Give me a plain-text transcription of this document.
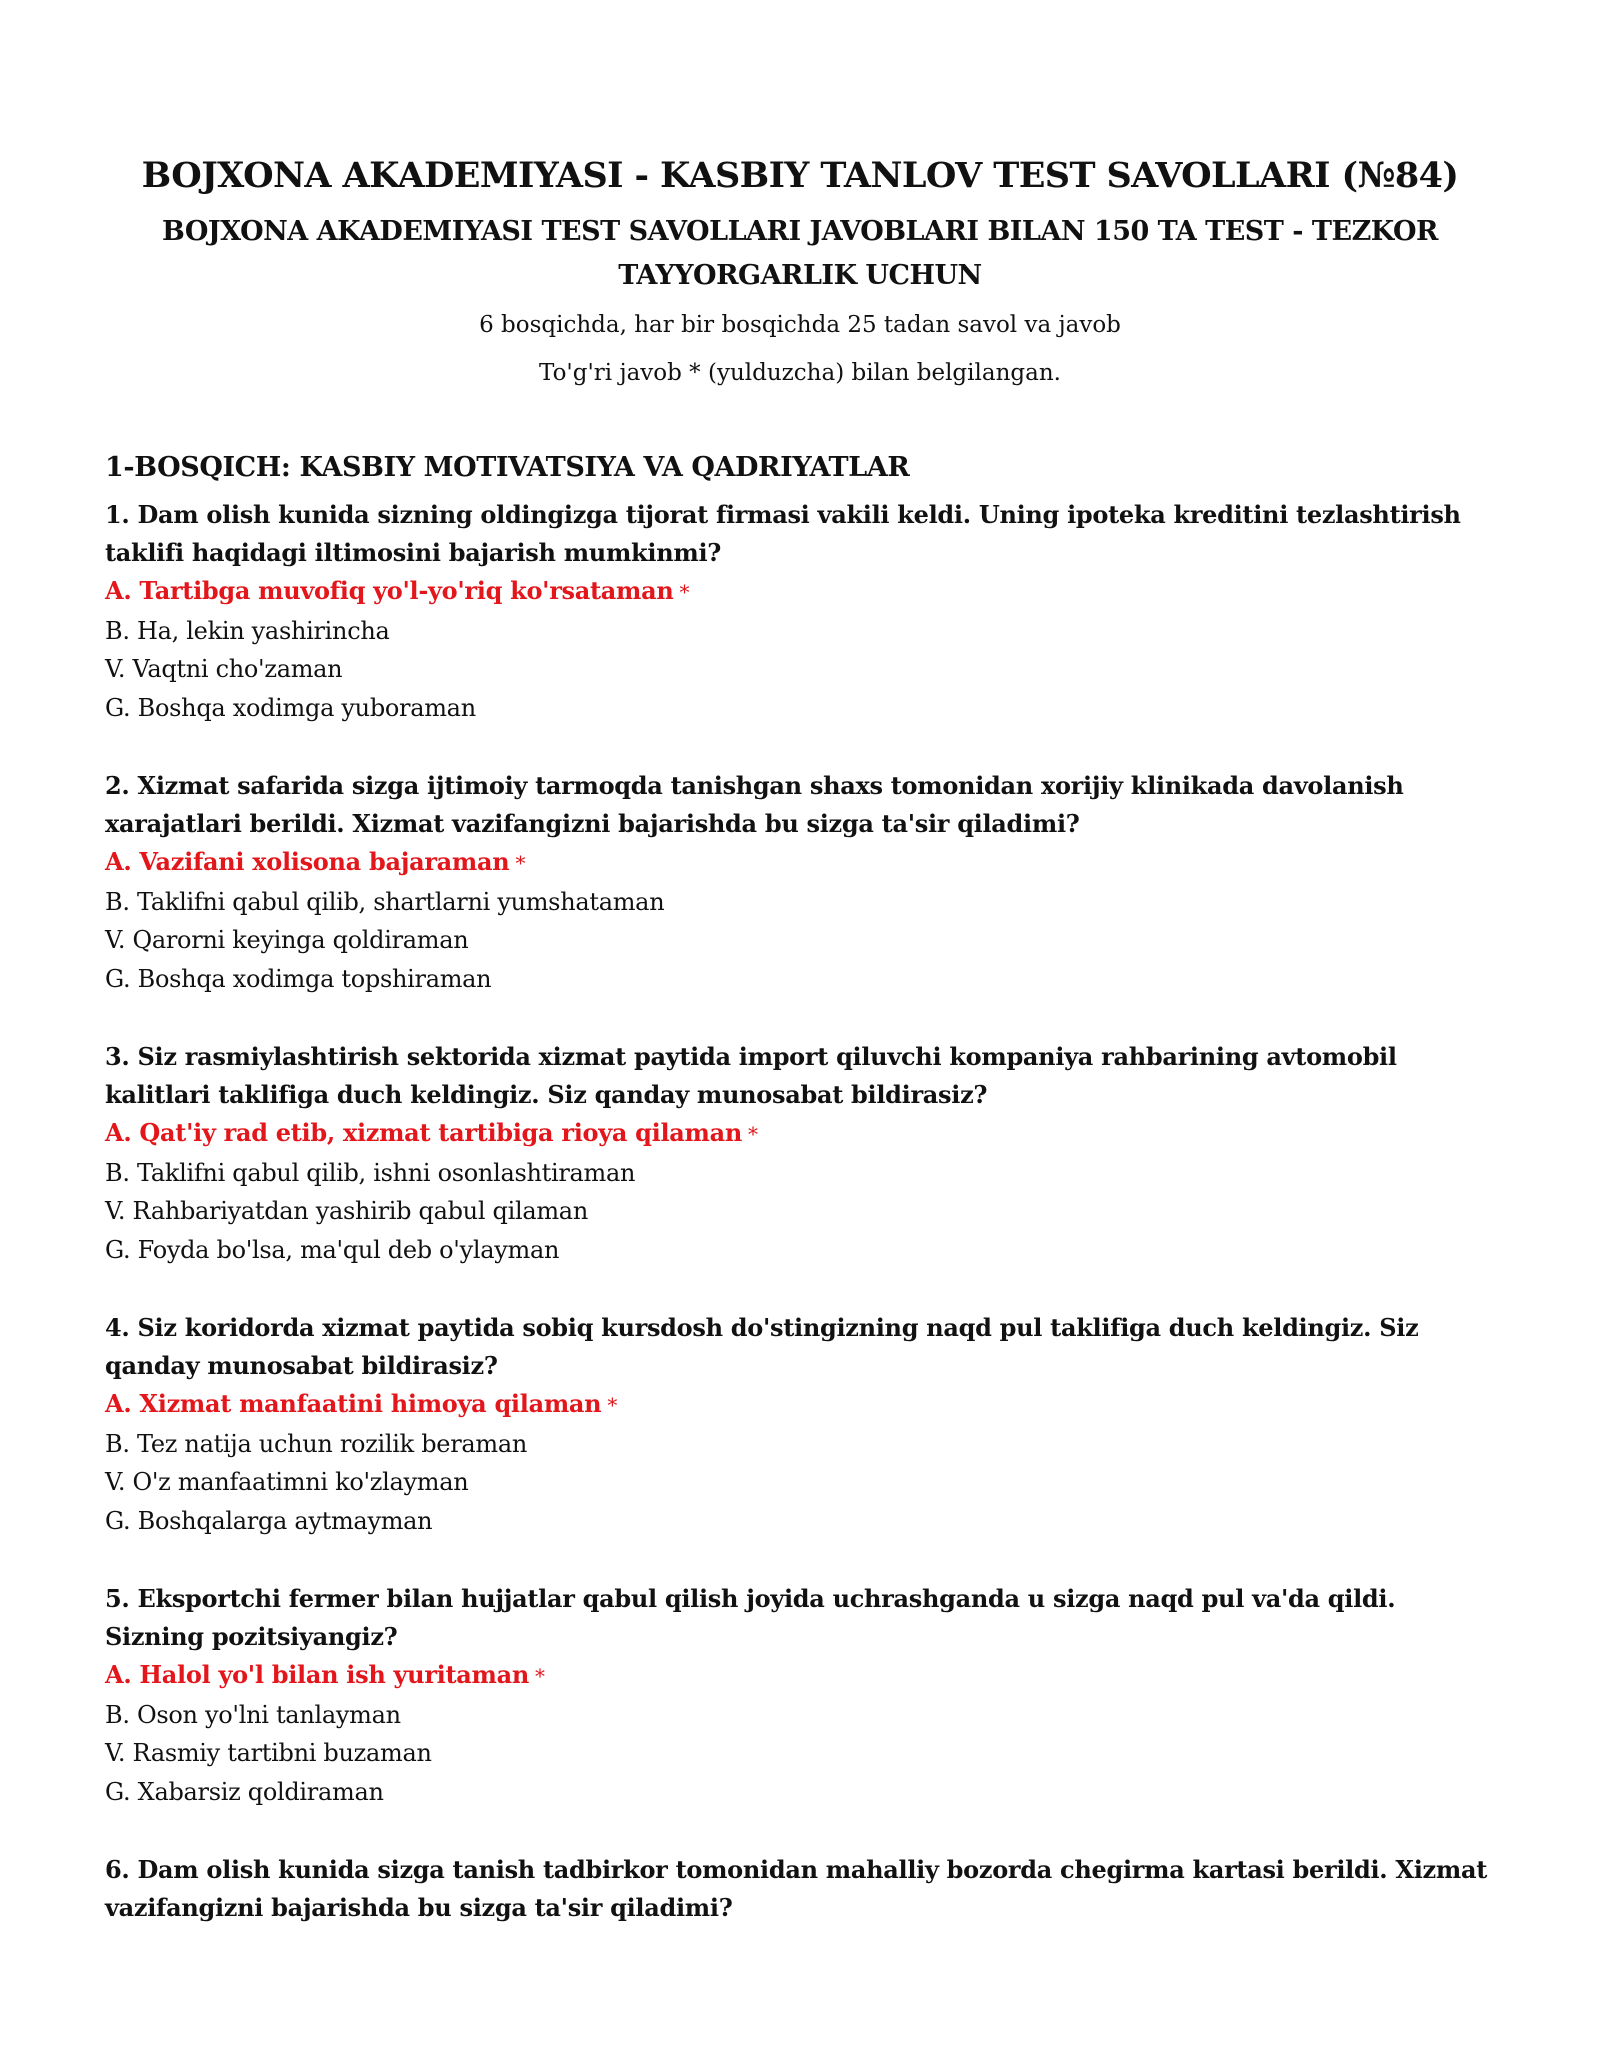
BOJXONA AKADEMIYASI - KASBIY TANLOV TEST SAVOLLARI (№84)
BOJXONA AKADEMIYASI TEST SAVOLLARI JAVOBLARI BILAN 150 TA TEST - TEZKOR TAYYORGARLIK UCHUN

6 bosqichda, har bir bosqichda 25 tadan savol va javob

To'g'ri javob * (yulduzcha) bilan belgilangan.

1-BOSQICH: KASBIY MOTIVATSIYA VA QADRIYATLAR

1. Dam olish kunida sizning oldingizga tijorat firmasi vakili keldi. Uning ipoteka kreditini tezlashtirish taklifi haqidagi iltimosini bajarish mumkinmi?

A. Tartibga muvofiq yo'l-yo'riq ko'rsataman *

B. Ha, lekin yashirincha

V. Vaqtni cho'zaman

G. Boshqa xodimga yuboraman

2. Xizmat safarida sizga ijtimoiy tarmoqda tanishgan shaxs tomonidan xorijiy klinikada davolanish xarajatlari berildi. Xizmat vazifangizni bajarishda bu sizga ta'sir qiladimi?

A. Vazifani xolisona bajaraman *

B. Taklifni qabul qilib, shartlarni yumshataman

V. Qarorni keyinga qoldiraman

G. Boshqa xodimga topshiraman

3. Siz rasmiylashtirish sektorida xizmat paytida import qiluvchi kompaniya rahbarining avtomobil kalitlari taklifiga duch keldingiz. Siz qanday munosabat bildirasiz?

A. Qat'iy rad etib, xizmat tartibiga rioya qilaman *

B. Taklifni qabul qilib, ishni osonlashtiraman

V. Rahbariyatdan yashirib qabul qilaman

G. Foyda bo'lsa, ma'qul deb o'ylayman

4. Siz koridorda xizmat paytida sobiq kursdosh do'stingizning naqd pul taklifiga duch keldingiz. Siz qanday munosabat bildirasiz?

A. Xizmat manfaatini himoya qilaman *

B. Tez natija uchun rozilik beraman

V. O'z manfaatimni ko'zlayman

G. Boshqalarga aytmayman

5. Eksportchi fermer bilan hujjatlar qabul qilish joyida uchrashganda u sizga naqd pul va'da qildi. Sizning pozitsiyangiz?

A. Halol yo'l bilan ish yuritaman *

B. Oson yo'lni tanlayman

V. Rasmiy tartibni buzaman

G. Xabarsiz qoldiraman

6. Dam olish kunida sizga tanish tadbirkor tomonidan mahalliy bozorda chegirma kartasi berildi. Xizmat vazifangizni bajarishda bu sizga ta'sir qiladimi?
